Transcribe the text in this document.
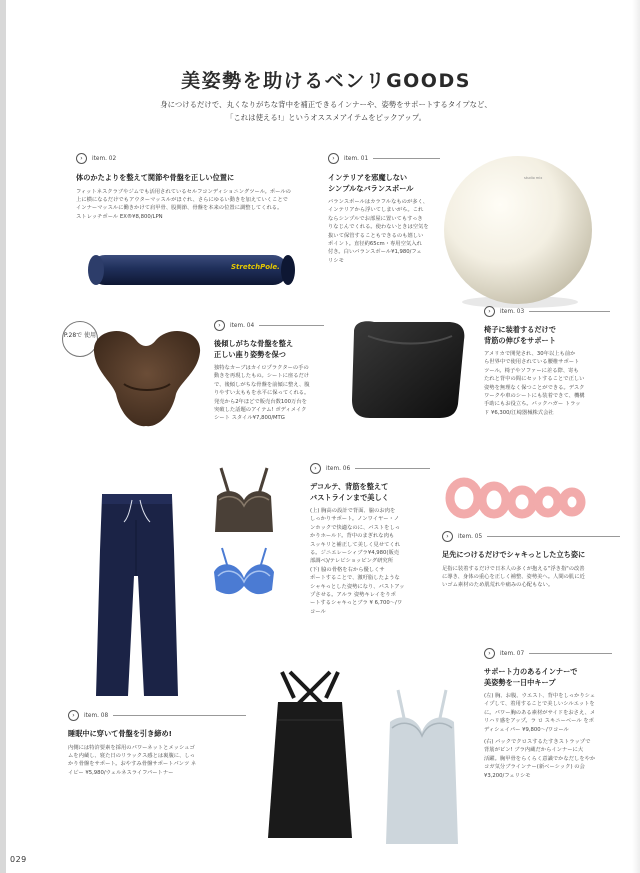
美姿勢を助けるベンリGOODS
身につけるだけで、丸くなりがちな背中を補正できるインナーや、姿勢をサポートするタイプなど、
「これは使える!」というオススメアイテムをピックアップ。
›	item. 02
体のかたよりを整えて関節や骨盤を正しい位置に
フィットネスクラブやジムでも活用されているセルフコンディショニングツール。ポールの
上に横になるだけでもアウターマッスルがほぐれ、さらにゆるい動きを加えていくことで
インナーマッスルに働きかけて肩甲骨、股関節、骨盤を本来の位置に調整してくれる。
ストレッチポール EX®¥8,800/LPN
StretchPole.
›	item. 01
インテリアを邪魔しない
シンプルなバランスボール
バランスボールはカラフルなものが多く、
インテリアから浮いてしまいがち。これ
ならシンプルでお部屋に置いてもすっき
りなじんでくれる。使わないときは空気を
抜いて保管することもできるのも嬉しい
ポイント。直径約65cm・専用空気入れ
付き。白いバランスボール¥1,980/フェ
リシモ
studio mix
P.28で 使用
›	item. 04
後傾しがちな骨盤を整え
正しい座り姿勢を保つ
独特なカーブはカイロプラクターの手の
動きを再現したもの。シートに座るだけ
で、後傾しがちな骨盤を前傾に整え、腹
りやすい太ももを水平に保ってくれる。
発売から2年ほどで販売台数100万台を
突破した話題のアイテム! ボディメイク
シート スタイル¥7,800/MTG
›	item. 03
椅子に装着するだけで
背筋の伸びをサポート
アメリカで開発され、30年以上も前か
ら世界中で使用されている腰椎サポート
ツール。椅子やソファーに差る際、寄も
たれと背中の間にセットすることで正しい
姿勢を無理なく保つことができる。デスク
ワークや車のシートにも装着できて、機構
手助にもお役立ち。バックハガー トラッ
ド ¥6,300/江崎器械株式会社
›	item. 06
デコルテ、背筋を整えて
バストラインまで美しく
(上) 胸高の設計で背面、脇のお肉を
しっかりサポート。ノンワイヤー・ノ
ンホックで快適なのに、バストをしっ
かりホールド。背中のまぎれな肉も
スッキリと補正して美しく見せてくれ
る。ジニエレーシィブラ¥4,980(販売
部調べ)/テレビショッピング研究所
(下) 脇の骨格を右から優しくサ
ポートすることで、激吁脂したような
シャキっとした姿勢になり、バストアッ
プさせる。アルラ 姿勢キレイをりポ
ートするシャキっとブラ ¥ 6,700〜/ワ
コール
›	item. 05
足先につけるだけでシャキっとした立ち姿に
足指に装着するだけで日本人の多くが抱える"浮き指"の改善
に導き、身体の重心を正しく補整、姿勢美へ。人間の肌に近
いゴム素材のため肌荒れや痛みの心配もない。
›	item. 07
サポート力のあるインナーで
美姿勢を一日中キープ
(左) 胸、お腹、ウエスト、背中をしっかりシェ
イプして、着用することで美しいシルエットを
に。パワー胸のある素材がサイドをおさえ、メ
リハリ感をアップ。ラ ロ スキニーベール をボ
ディシェイパー ¥9,800〜/ワコール
(右) バックでクロスするたすきストラップで
背筋がピン! ブラ内蔵だからインナーに大
活躍。胸甲骨をらくらく意識でかなだしをやか
コガ気分ブラインナー(新ベーシック) の会
¥3,200/フェリシモ
›	item. 08
睡眠中に穿いて骨盤を引き締め!
内側には特許要素を採用のパワーネットとメッシュゴ
ムを内蔵し、寝た日のリラックス感とは裏腹に、しっ
かり骨盤をサポート。おやすみ骨盤サポートパンツ ネ
イビー ¥5,980/ウェルネスライフパートナー
029
